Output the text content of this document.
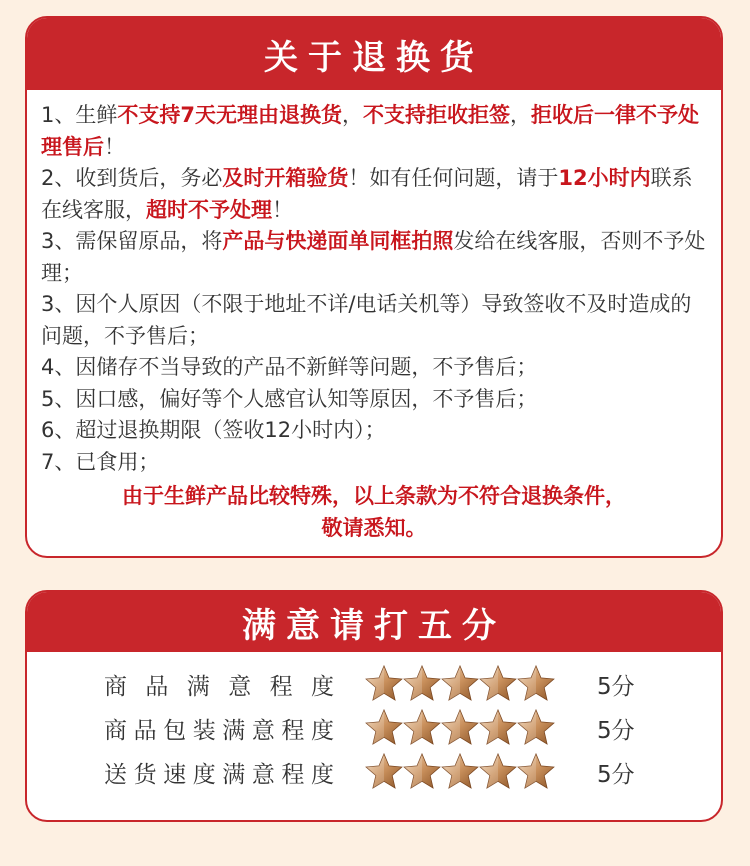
关于退换货

1、生鲜不支持7天无理由退换货，不支持拒收拒签，拒收后一律不予处理售后！

2、收到货后，务必及时开箱验货！如有任何问题，请于12小时内联系在线客服，超时不予处理！

3、需保留原品，将产品与快递面单同框拍照发给在线客服，否则不予处理；

3、因个人原因（不限于地址不详/电话关机等）导致签收不及时造成的问题，不予售后；

4、因储存不当导致的产品不新鲜等问题，不予售后；

5、因口感，偏好等个人感官认知等原因，不予售后；

6、超过退换期限（签收12小时内）；

7、已食用；

由于生鲜产品比较特殊，以上条款为不符合退换条件，
敬请悉知。
满意请打五分
商品满意程度	5分
商品包装满意程度	5分
送货速度满意程度	5分
